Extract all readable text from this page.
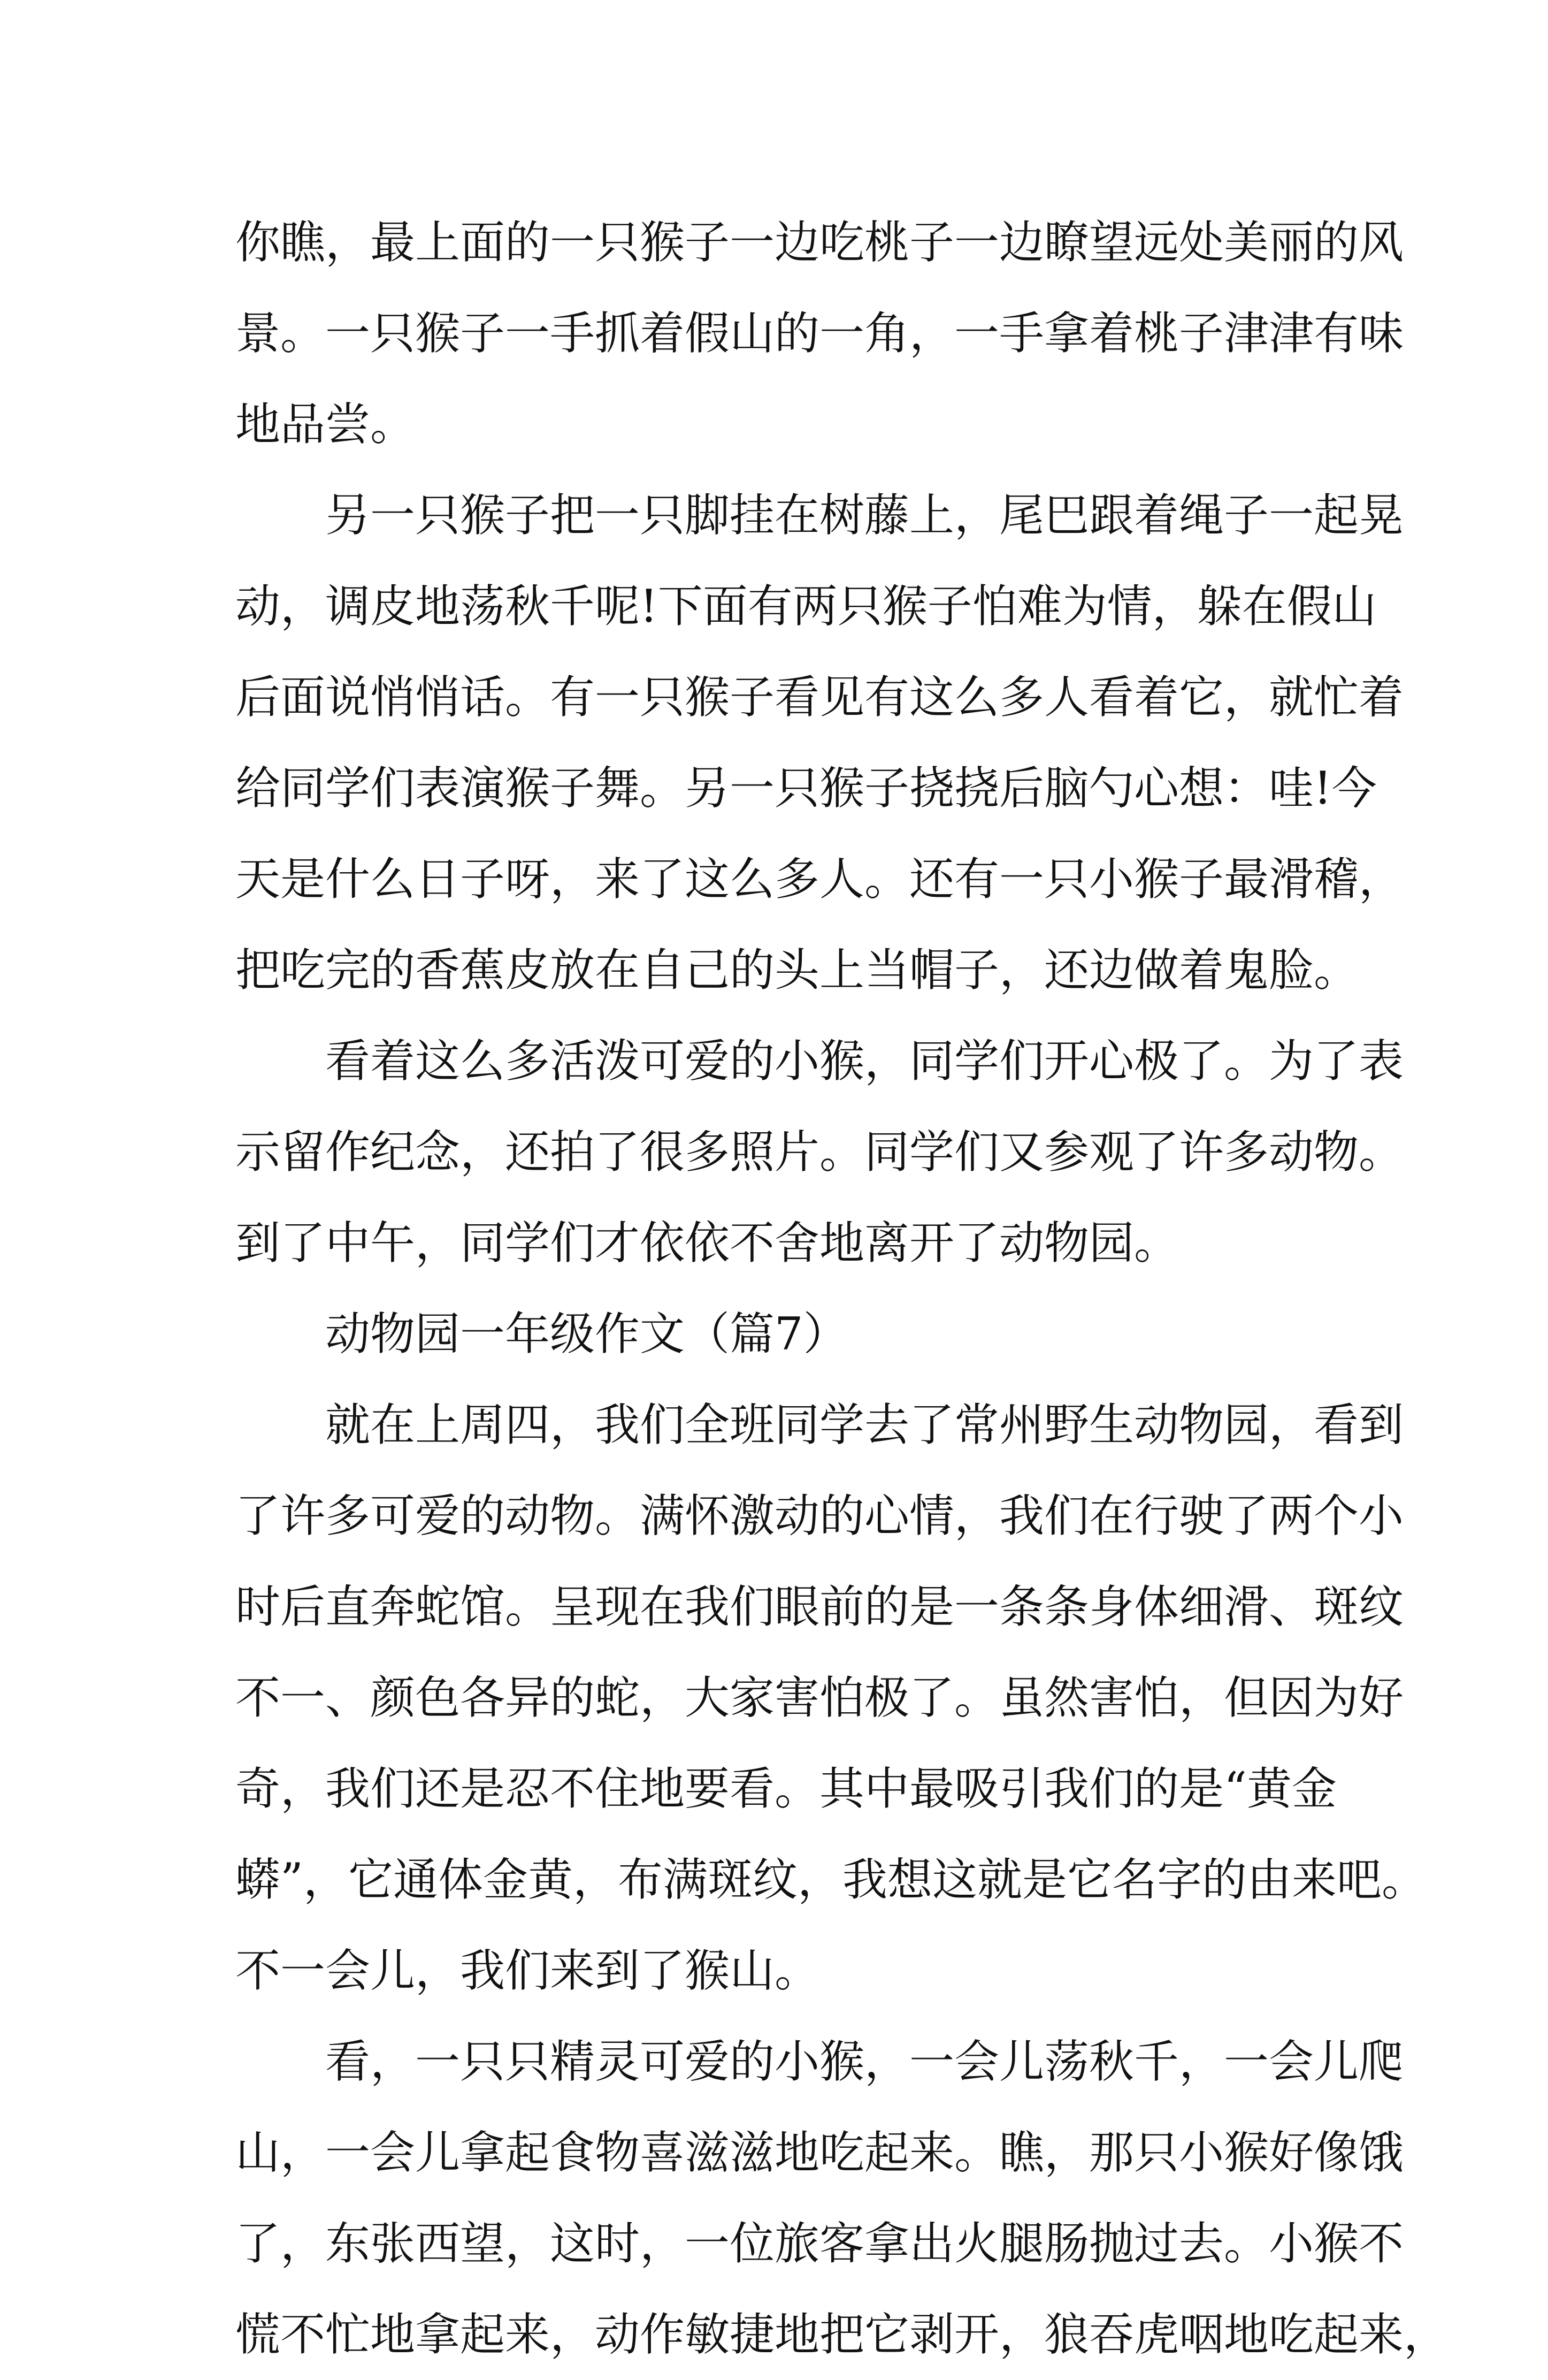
你瞧，最上面的一只猴子一边吃桃子一边瞭望远处美丽的风
景。一只猴子一手抓着假山的一角，一手拿着桃子津津有味
地品尝。
另一只猴子把一只脚挂在树藤上，尾巴跟着绳子一起晃
动，调皮地荡秋千呢!下面有两只猴子怕难为情，躲在假山
后面说悄悄话。有一只猴子看见有这么多人看着它，就忙着
给同学们表演猴子舞。另一只猴子挠挠后脑勺心想：哇!今
天是什么日子呀，来了这么多人。还有一只小猴子最滑稽，
把吃完的香蕉皮放在自己的头上当帽子，还边做着鬼脸。
看着这么多活泼可爱的小猴，同学们开心极了。为了表
示留作纪念，还拍了很多照片。同学们又参观了许多动物。
到了中午，同学们才依依不舍地离开了动物园。
动物园一年级作文（篇7）
就在上周四，我们全班同学去了常州野生动物园，看到
了许多可爱的动物。满怀激动的心情，我们在行驶了两个小
时后直奔蛇馆。呈现在我们眼前的是一条条身体细滑、斑纹
不一、颜色各异的蛇，大家害怕极了。虽然害怕，但因为好
奇，我们还是忍不住地要看。其中最吸引我们的是“黄金
蟒”，它通体金黄，布满斑纹，我想这就是它名字的由来吧。
不一会儿，我们来到了猴山。
看，一只只精灵可爱的小猴，一会儿荡秋千，一会儿爬
山，一会儿拿起食物喜滋滋地吃起来。瞧，那只小猴好像饿
了，东张西望，这时，一位旅客拿出火腿肠抛过去。小猴不
慌不忙地拿起来，动作敏捷地把它剥开，狼吞虎咽地吃起来，
